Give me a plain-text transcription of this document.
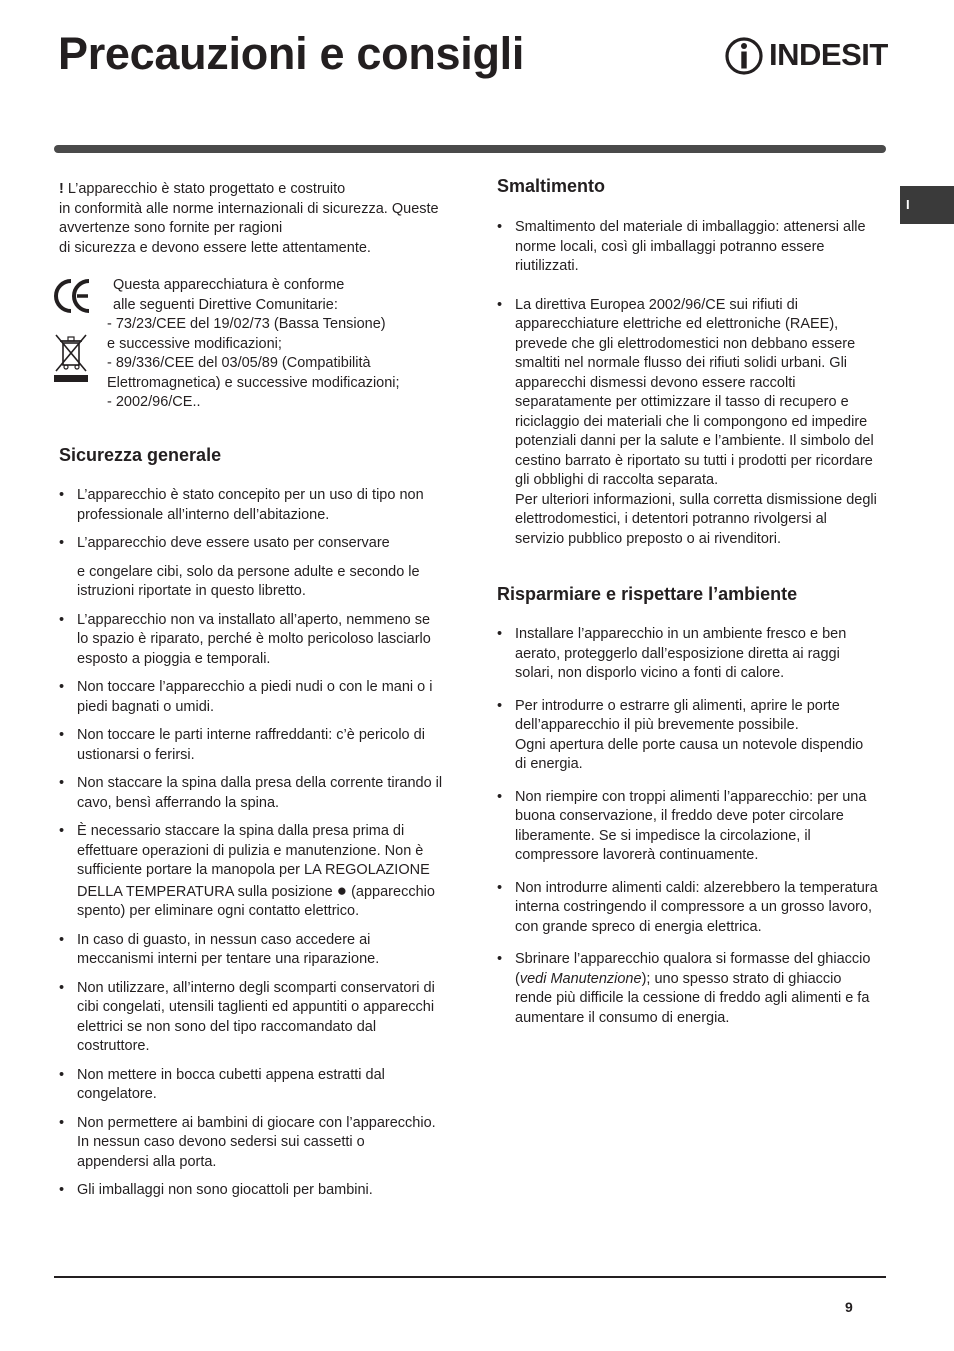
Precauzioni e consigli	INDESIT
I
! L’apparecchio è stato progettato e costruito
in conformità alle norme internazionali di sicurezza. Queste
avvertenze sono fornite per ragioni
di sicurezza e devono essere lette attentamente.
Questa apparecchiatura è conforme
alle seguenti Direttive Comunitarie:
- 73/23/CEE del 19/02/73 (Bassa Tensione)
e successive modificazioni;
- 89/336/CEE del 03/05/89 (Compatibilità
Elettromagnetica) e successive modificazioni;
- 2002/96/CE..
Sicurezza generale
• L’apparecchio è stato concepito per un uso di tipo non
professionale all’interno dell’abitazione.
• L’apparecchio deve essere usato per conservare
e congelare cibi, solo da persone adulte e secondo le
istruzioni riportate in questo libretto.
• L’apparecchio non va installato all’aperto, nemmeno se
lo spazio è riparato, perché è molto pericoloso lasciarlo
esposto a pioggia e temporali.
• Non toccare l’apparecchio a piedi nudi o con le mani o i
piedi bagnati o umidi.
• Non toccare le parti interne raffreddanti: c’è pericolo di
ustionarsi o ferirsi.
• Non staccare la spina dalla presa della corrente tirando il
cavo, bensì afferrando la spina.
• È necessario staccare la spina dalla presa prima di
effettuare operazioni di pulizia e manutenzione. Non è
sufficiente portare la manopola per LA REGOLAZIONE
DELLA TEMPERATURA sulla posizione ● (apparecchio
spento) per eliminare ogni contatto elettrico.
• In caso di guasto, in nessun caso accedere ai
meccanismi interni per tentare una riparazione.
• Non utilizzare, all’interno degli scomparti conservatori di
cibi congelati, utensili taglienti ed appuntiti o apparecchi
elettrici se non sono del tipo raccomandato dal
costruttore.
• Non mettere in bocca cubetti appena estratti dal
congelatore.
• Non permettere ai bambini di giocare con l’apparecchio.
In nessun caso devono sedersi sui cassetti o
appendersi alla porta.
• Gli imballaggi non sono giocattoli per bambini.
Smaltimento
• Smaltimento del materiale di imballaggio: attenersi alle
norme locali, così gli imballaggi potranno essere
riutilizzati.
• La direttiva Europea 2002/96/CE sui rifiuti di
apparecchiature elettriche ed elettroniche (RAEE),
prevede che gli elettrodomestici non debbano essere
smaltiti nel normale flusso dei rifiuti solidi urbani. Gli
apparecchi dismessi devono essere raccolti
separatamente per ottimizzare il tasso di recupero e
riciclaggio dei materiali che li compongono ed impedire
potenziali danni per la salute e l’ambiente. Il simbolo del
cestino barrato è riportato su tutti i prodotti per ricordare
gli obblighi di raccolta separata.
Per ulteriori informazioni, sulla corretta dismissione degli
elettrodomestici, i detentori potranno rivolgersi al
servizio pubblico preposto o ai rivenditori.
Risparmiare e rispettare l’ambiente
• Installare l’apparecchio in un ambiente fresco e ben
aerato, proteggerlo dall’esposizione diretta ai raggi
solari, non disporlo vicino a fonti di calore.
• Per introdurre o estrarre gli alimenti, aprire le porte
dell’apparecchio il più brevemente possibile.
Ogni apertura delle porte causa un notevole dispendio
di energia.
• Non riempire con troppi alimenti l’apparecchio: per una
buona conservazione, il freddo deve poter circolare
liberamente. Se si impedisce la circolazione, il
compressore lavorerà continuamente.
• Non introdurre alimenti caldi: alzerebbero la temperatura
interna costringendo il compressore a un grosso lavoro,
con grande spreco di energia elettrica.
• Sbrinare l’apparecchio qualora si formasse del ghiaccio
(vedi Manutenzione); uno spesso strato di ghiaccio
rende più difficile la cessione di freddo agli alimenti e fa
aumentare il consumo di energia.
9
